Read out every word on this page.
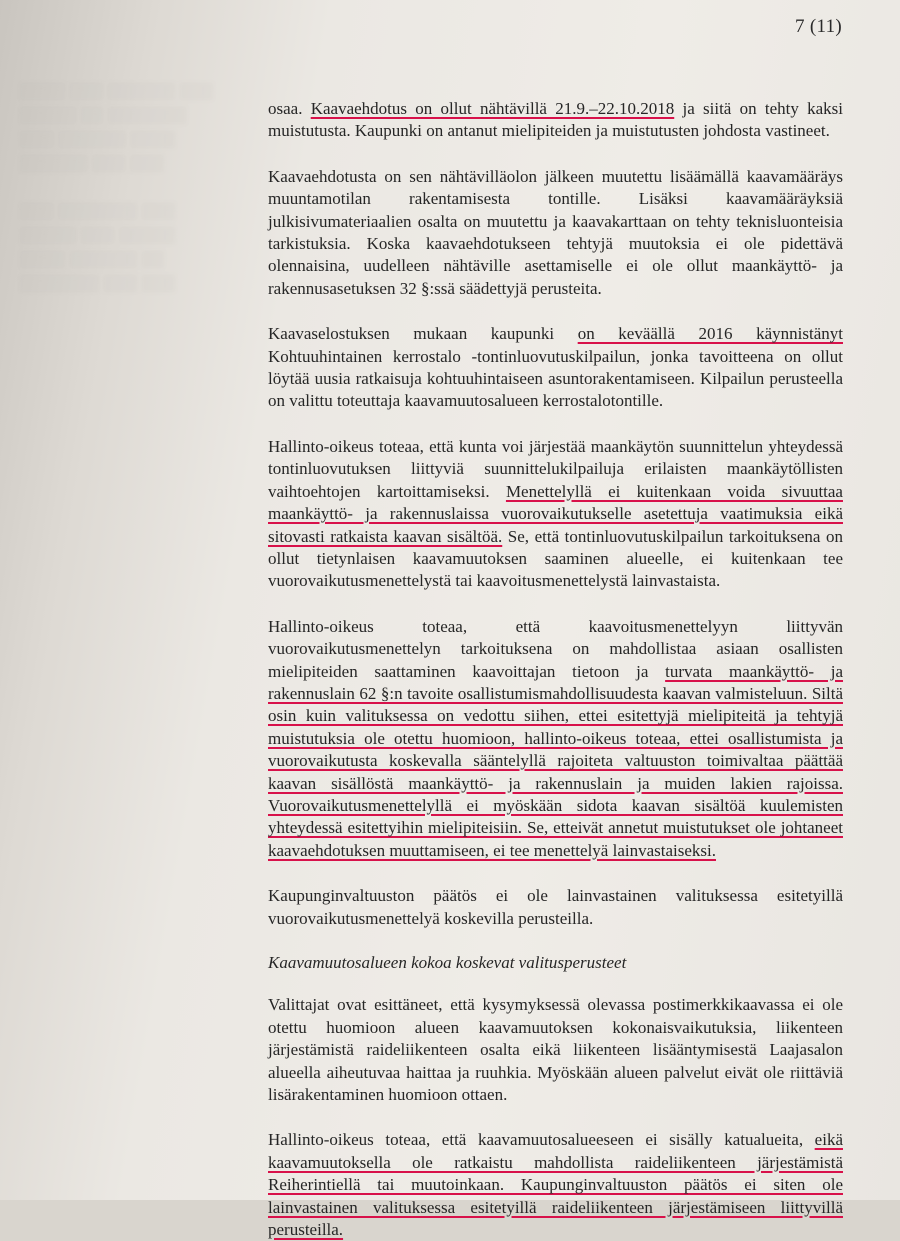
▒▒▒▒ ▒▒▒ ▒▒▒▒▒▒ ▒▒▒
▒▒▒▒▒ ▒▒ ▒▒▒▒▒▒▒
▒▒▒ ▒▒▒▒▒▒ ▒▒▒▒
▒▒▒▒▒▒ ▒▒▒ ▒▒▒

▒▒▒ ▒▒▒▒▒▒▒ ▒▒▒
▒▒▒▒▒ ▒▒▒ ▒▒▒▒▒
▒▒▒▒ ▒▒▒▒▒▒ ▒▒
▒▒▒▒▒▒▒ ▒▒▒ ▒▒▒
7 (11)

osaa. Kaavaehdotus on ollut nähtävillä 21.9.–22.10.2018 ja siitä on tehty kaksi muistutusta. Kaupunki on antanut mielipiteiden ja muistutusten johdosta vastineet.

Kaavaehdotusta on sen nähtävilläolon jälkeen muutettu lisäämällä kaavamääräys muuntamotilan rakentamisesta tontille. Lisäksi kaavamääräyksiä julkisivumateriaalien osalta on muutettu ja kaavakarttaan on tehty teknisluonteisia tarkistuksia. Koska kaavaehdotukseen tehtyjä muutoksia ei ole pidettävä olennaisina, uudelleen nähtäville asettamiselle ei ole ollut maankäyttö- ja rakennusasetuksen 32 §:ssä säädettyjä perusteita.

Kaavaselostuksen mukaan kaupunki on keväällä 2016 käynnistänyt Kohtuuhintainen kerrostalo -tontinluovutuskilpailun, jonka tavoitteena on ollut löytää uusia ratkaisuja kohtuuhintaiseen asuntorakentamiseen. Kilpailun perusteella on valittu toteuttaja kaavamuutosalueen kerrostalotontille.

Hallinto-oikeus toteaa, että kunta voi järjestää maankäytön suunnittelun yhteydessä tontinluovutuksen liittyviä suunnittelukilpailuja erilaisten maankäytöllisten vaihtoehtojen kartoittamiseksi. Menettelyllä ei kuitenkaan voida sivuuttaa maankäyttö- ja rakennuslaissa vuorovaikutukselle asetettuja vaatimuksia eikä sitovasti ratkaista kaavan sisältöä. Se, että tontinluovutuskilpailun tarkoituksena on ollut tietynlaisen kaavamuutoksen saaminen alueelle, ei kuitenkaan tee vuorovaikutusmenettelystä tai kaavoitusmenettelystä lainvastaista.

Hallinto-oikeus toteaa, että kaavoitusmenettelyyn liittyvän vuorovaikutusmenettelyn tarkoituksena on mahdollistaa asiaan osallisten mielipiteiden saattaminen kaavoittajan tietoon ja turvata maankäyttö- ja rakennuslain 62 §:n tavoite osallistumismahdollisuudesta kaavan valmisteluun. Siltä osin kuin valituksessa on vedottu siihen, ettei esitettyjä mielipiteitä ja tehtyjä muistutuksia ole otettu huomioon, hallinto-oikeus toteaa, ettei osallistumista ja vuorovaikutusta koskevalla sääntelyllä rajoiteta valtuuston toimivaltaa päättää kaavan sisällöstä maankäyttö- ja rakennuslain ja muiden lakien rajoissa. Vuorovaikutusmenettelyllä ei myöskään sidota kaavan sisältöä kuulemisten yhteydessä esitettyihin mielipiteisiin. Se, etteivät annetut muistutukset ole johtaneet kaavaehdotuksen muuttamiseen, ei tee menettelyä lainvastaiseksi.

Kaupunginvaltuuston päätös ei ole lainvastainen valituksessa esitetyillä vuorovaikutusmenettelyä koskevilla perusteilla.

Kaavamuutosalueen kokoa koskevat valitusperusteet

Valittajat ovat esittäneet, että kysymyksessä olevassa postimerkkikaavassa ei ole otettu huomioon alueen kaavamuutoksen kokonaisvaikutuksia, liikenteen järjestämistä raideliikenteen osalta eikä liikenteen lisääntymisestä Laajasalon alueella aiheutuvaa haittaa ja ruuhkia. Myöskään alueen palvelut eivät ole riittäviä lisärakentaminen huomioon ottaen.

Hallinto-oikeus toteaa, että kaavamuutosalueeseen ei sisälly katualueita, eikä kaavamuutoksella ole ratkaistu mahdollista raideliikenteen järjestämistä Reiherintiellä tai muutoinkaan. Kaupunginvaltuuston päätös ei siten ole lainvastainen valituksessa esitetyillä raideliikenteen järjestämiseen liittyvillä perusteilla.
